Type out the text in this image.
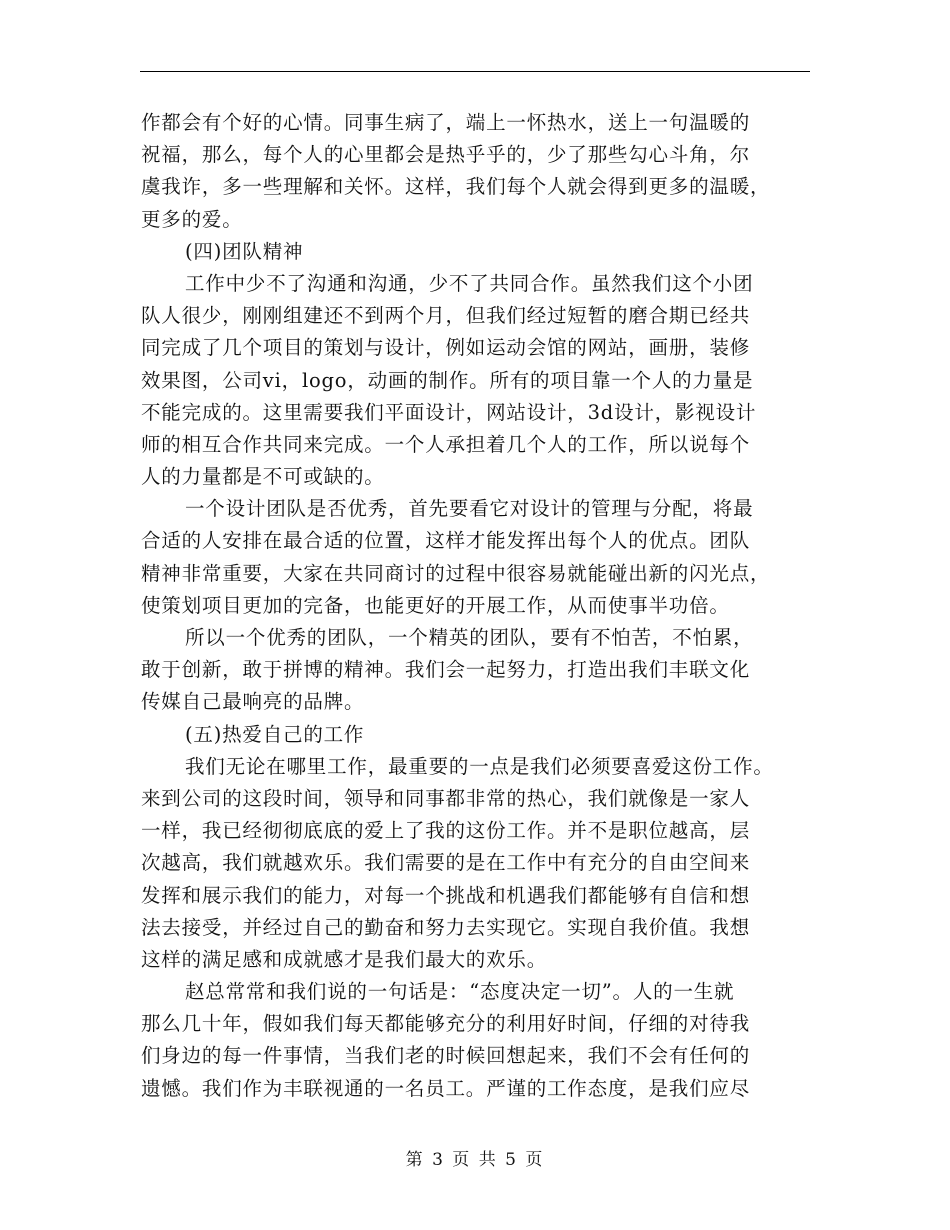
作都会有个好的心情。同事生病了，端上一怀热水，送上一句温暖的
祝福，那么，每个人的心里都会是热乎乎的，少了那些勾心斗角，尔
虞我诈，多一些理解和关怀。这样，我们每个人就会得到更多的温暖，
更多的爱。
(四)团队精神
工作中少不了沟通和沟通，少不了共同合作。虽然我们这个小团
队人很少，刚刚组建还不到两个月，但我们经过短暂的磨合期已经共
同完成了几个项目的策划与设计，例如运动会馆的网站，画册，装修
效果图，公司vi，logo，动画的制作。所有的项目靠一个人的力量是
不能完成的。这里需要我们平面设计，网站设计，3d设计，影视设计
师的相互合作共同来完成。一个人承担着几个人的工作，所以说每个
人的力量都是不可或缺的。
一个设计团队是否优秀，首先要看它对设计的管理与分配，将最
合适的人安排在最合适的位置，这样才能发挥出每个人的优点。团队
精神非常重要，大家在共同商讨的过程中很容易就能碰出新的闪光点，
使策划项目更加的完备，也能更好的开展工作，从而使事半功倍。
所以一个优秀的团队，一个精英的团队，要有不怕苦，不怕累，
敢于创新，敢于拼博的精神。我们会一起努力，打造出我们丰联文化
传媒自己最响亮的品牌。
(五)热爱自己的工作
我们无论在哪里工作，最重要的一点是我们必须要喜爱这份工作。
来到公司的这段时间，领导和同事都非常的热心，我们就像是一家人
一样，我已经彻彻底底的爱上了我的这份工作。并不是职位越高，层
次越高，我们就越欢乐。我们需要的是在工作中有充分的自由空间来
发挥和展示我们的能力，对每一个挑战和机遇我们都能够有自信和想
法去接受，并经过自己的勤奋和努力去实现它。实现自我价值。我想
这样的满足感和成就感才是我们最大的欢乐。
赵总常常和我们说的一句话是：“态度决定一切”。人的一生就
那么几十年，假如我们每天都能够充分的利用好时间，仔细的对待我
们身边的每一件事情，当我们老的时候回想起来，我们不会有任何的
遗憾。我们作为丰联视通的一名员工。严谨的工作态度，是我们应尽
第 3 页 共 5 页
